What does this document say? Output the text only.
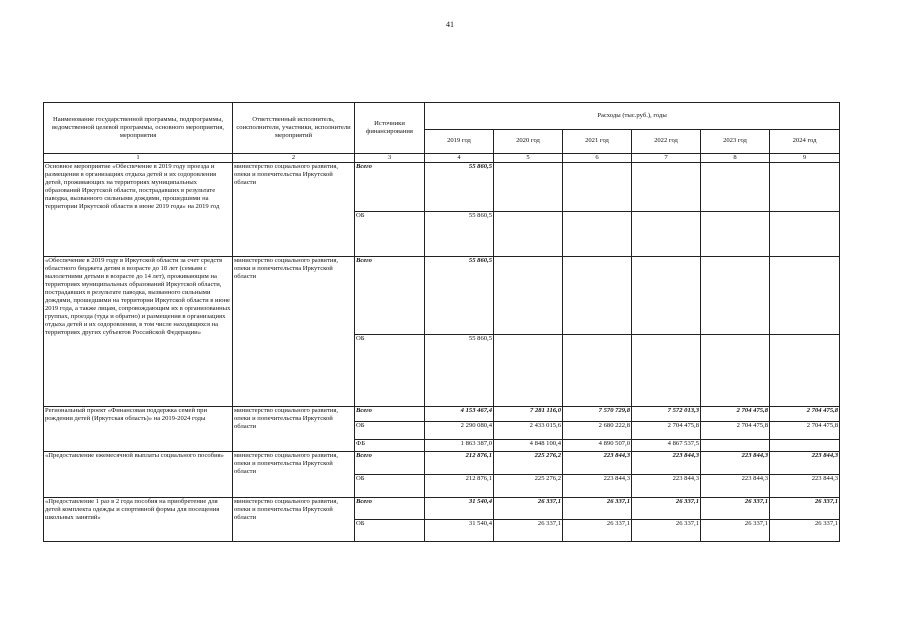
41
Наименование государственной программы, подпрограммы, ведомственной целевой программы, основного мероприятия, мероприятия	Ответственный исполнитель, соисполнители, участники, исполнители мероприятий	Источники финансирования	Расходы (тыс.руб.), годы					
			2019 год	2020 год	2021 год	2022 год	2023 год	2024 год
1	2	3	4	5	6	7	8	9
Основное мероприятие «Обеспечение в 2019 году проезда и размещения в организациях отдыха детей и их оздоровления детей, проживающих на территориях муниципальных образований Иркутской области, пострадавших в результате паводка, вызванного сильными дождями, прошедшими на территории Иркутской области в июне 2019 года» на 2019 год	министерство социального развития, опеки и попечительства Иркутской области	Всего	55 860,5					
		ОБ	55 860,5					
«Обеспечение в 2019 году в Иркутской области за счет средств областного бюджета детям в возрасте до 18 лет (семьям с малолетними детьми в возрасте до 14 лет), проживающим на территориях муниципальных образований Иркутской области, пострадавших в результате паводка, вызванного сильными дождями, прошедшими на территории Иркутской области в июне 2019 года, а также лицам, сопровождающим их в организованных группах, проезда (туда и обратно) и размещения в организациях отдыха детей и их оздоровления, в том числе находящихся на территориях других субъектов Российской Федерации»	министерство социального развития, опеки и попечительства Иркутской области	Всего	55 860,5					
		ОБ	55 860,5					
Региональный проект «Финансовая поддержка семей при рождении детей (Иркутская область)» на 2019-2024 годы	министерство социального развития, опеки и попечительства Иркутской области	Всего	4 153 467,4	7 281 116,0	7 570 729,8	7 572 013,3	2 704 475,8	2 704 475,8
		ОБ	2 290 080,4	2 433 015,6	2 680 222,8	2 704 475,8	2 704 475,8	2 704 475,8
		ФБ	1 863 387,0	4 848 100,4	4 890 507,0	4 867 537,5		
«Предоставление ежемесячной выплаты социального пособия»	министерство социального развития, опеки и попечительства Иркутской области	Всего	212 876,1	225 276,2	223 844,3	223 844,3	223 844,3	223 844,3
		ОБ	212 876,1	225 276,2	223 844,3	223 844,3	223 844,3	223 844,3
«Предоставление 1 раз в 2 года пособия на приобретение для детей комплекта одежды и спортивной формы для посещения школьных занятий»	министерство социального развития, опеки и попечительства Иркутской области	Всего	31 540,4	26 337,1	26 337,1	26 337,1	26 337,1	26 337,1
		ОБ	31 540,4	26 337,1	26 337,1	26 337,1	26 337,1	26 337,1
